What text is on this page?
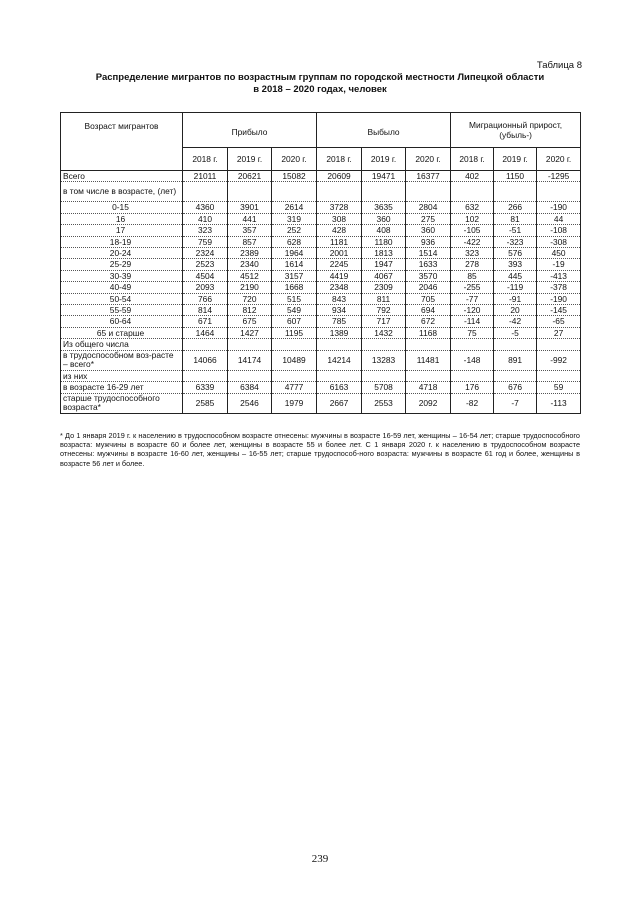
Таблица 8
Распределение мигрантов по возрастным группам по городской местности Липецкой области
в 2018 – 2020 годах, человек
Возраст мигрантов	Прибыло			Выбыло			Миграционный прирост, (убыль-)		
	2018 г.	2019 г.	2020 г.	2018 г.	2019 г.	2020 г.	2018 г.	2019 г.	2020 г.
Всего	21011	20621	15082	20609	19471	16377	402	1150	-1295
в том числе в возрасте, (лет)									
0-15	4360	3901	2614	3728	3635	2804	632	266	-190
16	410	441	319	308	360	275	102	81	44
17	323	357	252	428	408	360	-105	-51	-108
18-19	759	857	628	1181	1180	936	-422	-323	-308
20-24	2324	2389	1964	2001	1813	1514	323	576	450
25-29	2523	2340	1614	2245	1947	1633	278	393	-19
30-39	4504	4512	3157	4419	4067	3570	85	445	-413
40-49	2093	2190	1668	2348	2309	2046	-255	-119	-378
50-54	766	720	515	843	811	705	-77	-91	-190
55-59	814	812	549	934	792	694	-120	20	-145
60-64	671	675	607	785	717	672	-114	-42	-65
65 и старше	1464	1427	1195	1389	1432	1168	75	-5	27
Из общего числа									
в трудоспособном воз-расте – всего*	14066	14174	10489	14214	13283	11481	-148	891	-992
из них									
в возрасте 16-29 лет	6339	6384	4777	6163	5708	4718	176	676	59
старше трудоспособного возраста*	2585	2546	1979	2667	2553	2092	-82	-7	-113
* До 1 января 2019 г. к населению в трудоспособном возрасте отнесены: мужчины в возрасте 16-59 лет, женщины – 16-54 лет; старше трудоспособного возраста: мужчины в возрасте 60 и более лет, женщины в возрасте 55 и более лет. С 1 января 2020 г. к населению в трудоспособном возрасте отнесены: мужчины в возрасте 16-60 лет, женщины – 16-55 лет; старше трудоспособ-ного возраста: мужчины в возрасте 61 год и более, женщины в возрасте 56 лет и более.
239
